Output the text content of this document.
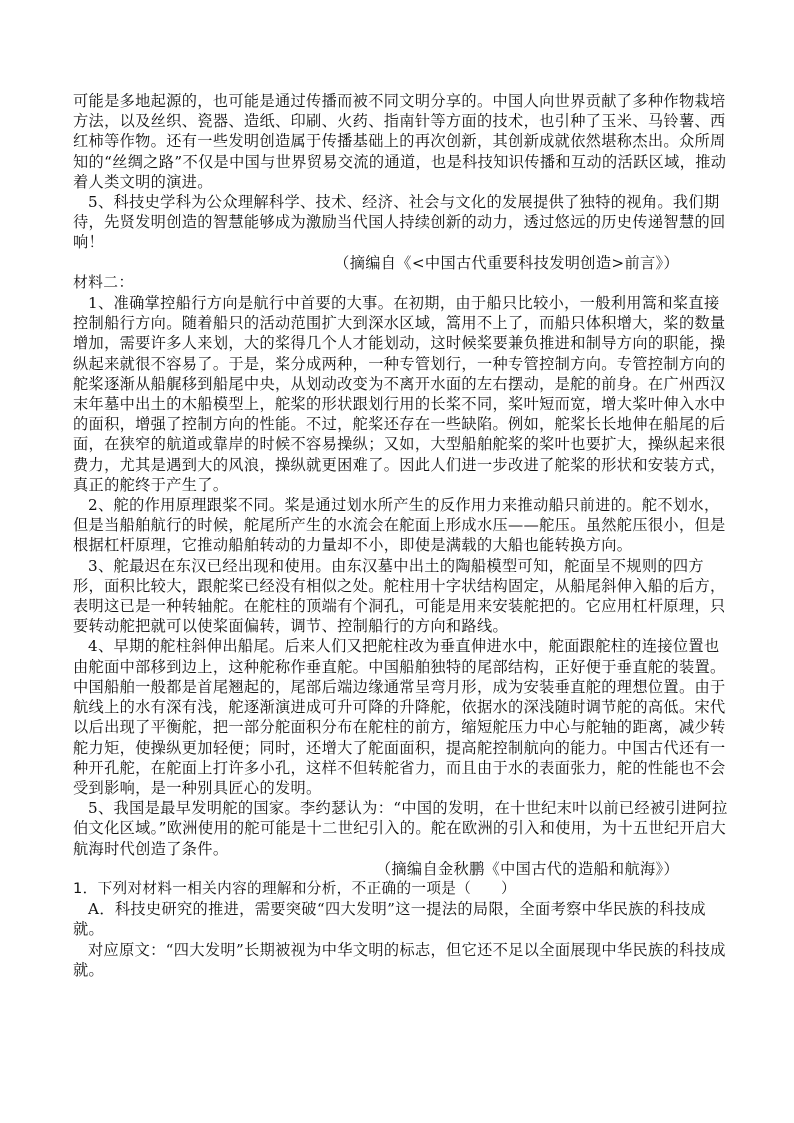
可能是多地起源的，也可能是通过传播而被不同文明分享的。中国人向世界贡献了多种作物栽培方法，以及丝织、瓷器、造纸、印刷、火药、指南针等方面的技术，也引种了玉米、马铃薯、西红柿等作物。还有一些发明创造属于传播基础上的再次创新，其创新成就依然堪称杰出。众所周知的“丝绸之路”不仅是中国与世界贸易交流的通道，也是科技知识传播和互动的活跃区域，推动着人类文明的演进。

5、科技史学科为公众理解科学、技术、经济、社会与文化的发展提供了独特的视角。我们期待，先贤发明创造的智慧能够成为激励当代国人持续创新的动力，透过悠远的历史传递智慧的回响！

（摘编自《<中国古代重要科技发明创造>前言》）

材料二：

1、准确掌控船行方向是航行中首要的大事。在初期，由于船只比较小，一般利用篙和桨直接控制船行方向。随着船只的活动范围扩大到深水区域，篙用不上了，而船只体积增大，桨的数量增加，需要许多人来划，大的桨得几个人才能划动，这时候桨要兼负推进和制导方向的职能，操纵起来就很不容易了。于是，桨分成两种，一种专管划行，一种专管控制方向。专管控制方向的舵桨逐渐从船艉移到船尾中央，从划动改变为不离开水面的左右摆动，是舵的前身。在广州西汉末年墓中出土的木船模型上，舵桨的形状跟划行用的长桨不同，桨叶短而宽，增大桨叶伸入水中的面积，增强了控制方向的性能。不过，舵桨还存在一些缺陷。例如，舵桨长长地伸在船尾的后面，在狭窄的航道或靠岸的时候不容易操纵；又如，大型船舶舵桨的桨叶也要扩大，操纵起来很费力，尤其是遇到大的风浪，操纵就更困难了。因此人们进一步改进了舵桨的形状和安装方式，真正的舵终于产生了。

2、舵的作用原理跟桨不同。桨是通过划水所产生的反作用力来推动船只前进的。舵不划水，但是当船舶航行的时候，舵尾所产生的水流会在舵面上形成水压——舵压。虽然舵压很小，但是根据杠杆原理，它推动船舶转动的力量却不小，即使是满载的大船也能转换方向。

3、舵最迟在东汉已经出现和使用。由东汉墓中出土的陶船模型可知，舵面呈不规则的四方形，面积比较大，跟舵桨已经没有相似之处。舵柱用十字状结构固定，从船尾斜伸入船的后方，表明这已是一种转轴舵。在舵柱的顶端有个洞孔，可能是用来安装舵把的。它应用杠杆原理，只要转动舵把就可以使桨面偏转，调节、控制船行的方向和路线。

4、早期的舵柱斜伸出船尾。后来人们又把舵柱改为垂直伸进水中，舵面跟舵柱的连接位置也由舵面中部移到边上，这种舵称作垂直舵。中国船舶独特的尾部结构，正好便于垂直舵的装置。中国船舶一般都是首尾翘起的，尾部后端边缘通常呈弯月形，成为安装垂直舵的理想位置。由于航线上的水有深有浅，舵逐渐演进成可升可降的升降舵，依据水的深浅随时调节舵的高低。宋代以后出现了平衡舵，把一部分舵面积分布在舵柱的前方，缩短舵压力中心与舵轴的距离，减少转舵力矩，使操纵更加轻便；同时，还增大了舵面面积，提高舵控制航向的能力。中国古代还有一种开孔舵，在舵面上打许多小孔，这样不但转舵省力，而且由于水的表面张力，舵的性能也不会受到影响，是一种别具匠心的发明。

5、我国是最早发明舵的国家。李约瑟认为：“中国的发明，在十世纪末叶以前已经被引进阿拉伯文化区域。”欧洲使用的舵可能是十二世纪引入的。舵在欧洲的引入和使用，为十五世纪开启大航海时代创造了条件。

（摘编自金秋鹏《中国古代的造船和航海》）

1．下列对材料一相关内容的理解和分析，不正确的一项是（　　）

A．科技史研究的推进，需要突破“四大发明”这一提法的局限，全面考察中华民族的科技成就。

对应原文：“四大发明”长期被视为中华文明的标志，但它还不足以全面展现中华民族的科技成就。
